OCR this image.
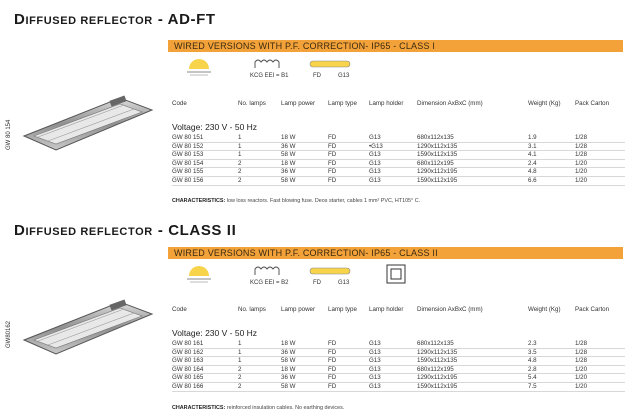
DIFFUSED REFLECTOR - AD-FT
WIRED VERSIONS WITH P.F. CORRECTION- IP65 - CLASS I
KCG EEI = B1	FD	G13
GW 80 154
Code	No. lamps	Lamp power	Lamp type	Lamp holder	Dimension AxBxC (mm)	Weight (Kg)	Pack Carton
Voltage: 230 V - 50 Hz							
GW 80 151	1	18 W	FD	G13	680x112x135	1.9	1/28
GW 80 152	1	36 W	FD	•G13	1290x112x135	3.1	1/28
GW 80 153	1	58 W	FD	G13	1590x112x135	4.1	1/28
GW 80 154	2	18 W	FD	G13	680x112x195	2.4	1/20
GW 80 155	2	36 W	FD	G13	1290x112x195	4.8	1/20
GW 80 156	2	58 W	FD	G13	1590x112x195	6.6	1/20
CHARACTERISTICS: low loss reactors. Fast blowing fuse. Deos starter, cables 1 mm² PVC, HT105° C.
DIFFUSED REFLECTOR - CLASS II
WIRED VERSIONS WITH P.F. CORRECTION- IP65 - CLASS II
KCG EEI = B2	FD	G13
GW80162
Code	No. lamps	Lamp power	Lamp type	Lamp holder	Dimension AxBxC (mm)	Weight (Kg)	Pack Carton
Voltage: 230 V - 50 Hz							
GW 80 161	1	18 W	FD	G13	680x112x135	2.3	1/28
GW 80 162	1	36 W	FD	G13	1290x112x135	3.5	1/28
GW 80 163	1	58 W	FD	G13	1590x112x135	4.8	1/28
GW 80 164	2	18 W	FD	G13	680x112x195	2.8	1/20
GW 80 165	2	36 W	FD	G13	1290x112x195	5.4	1/20
GW 80 166	2	58 W	FD	G13	1590x112x195	7.5	1/20
CHARACTERISTICS: reinforced insulation cables. No earthing devices.
